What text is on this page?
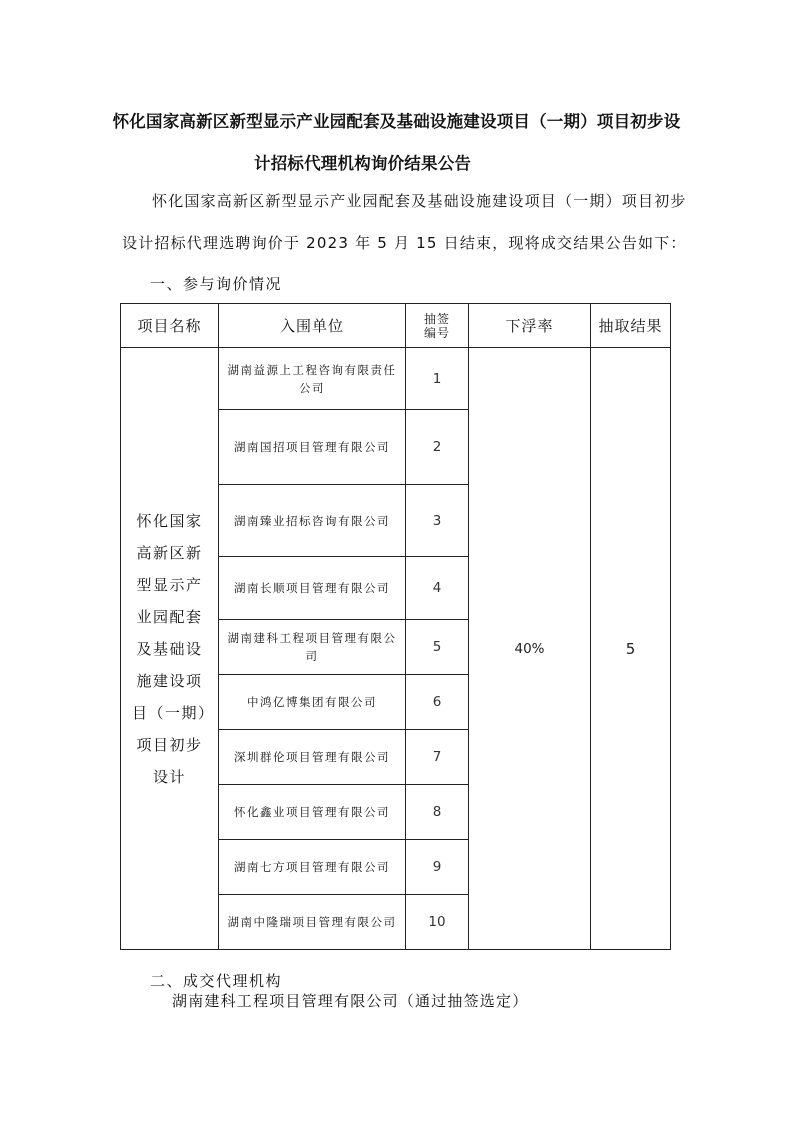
怀化国家高新区新型显示产业园配套及基础设施建设项目（一期）项目初步设
计招标代理机构询价结果公告
怀化国家高新区新型显示产业园配套及基础设施建设项目（一期）项目初步
设计招标代理选聘询价于 2023 年 5 月 15 日结束，现将成交结果公告如下：
一、参与询价情况
项目名称	入围单位	抽签编号	下浮率	抽取结果
怀化国家高新区新型显示产业园配套及基础设施建设项目（一期）项目初步设计	湖南益源上工程咨询有限责任公司	1	40%	5
	湖南国招项目管理有限公司	2		
	湖南臻业招标咨询有限公司	3		
	湖南长顺项目管理有限公司	4		
	湖南建科工程项目管理有限公司	5		
	中鸿亿博集团有限公司	6		
	深圳群伦项目管理有限公司	7		
	怀化鑫业项目管理有限公司	8		
	湖南七方项目管理有限公司	9		
	湖南中隆瑞项目管理有限公司	10		
二、成交代理机构
湖南建科工程项目管理有限公司（通过抽签选定）
